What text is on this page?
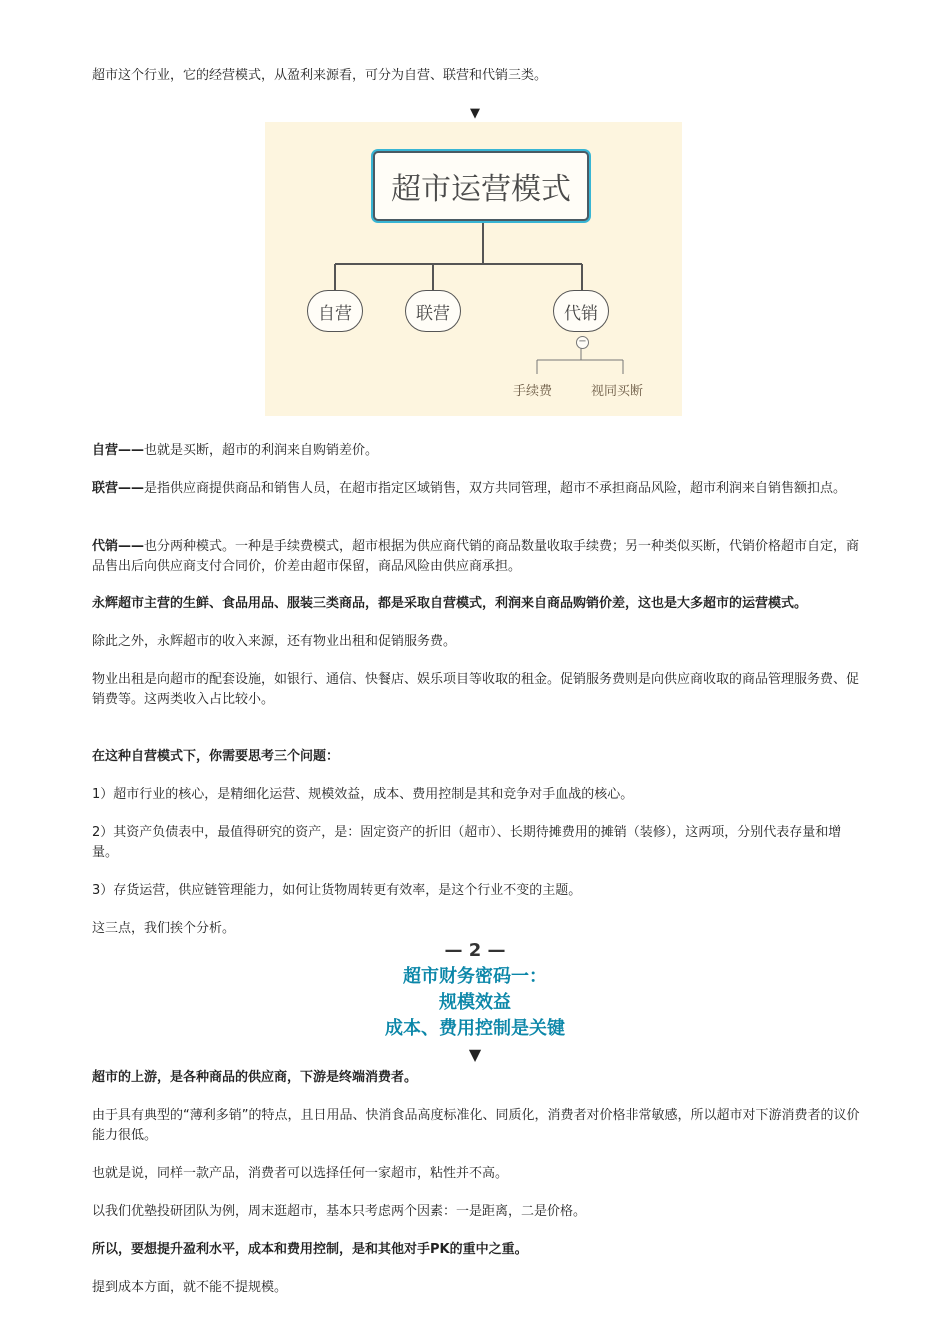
超市这个行业，它的经营模式，从盈利来源看，可分为自营、联营和代销三类。

▼
超市运营模式
自营	联营	代销
−
手续费	视同买断

自营——也就是买断，超市的利润来自购销差价。

联营——是指供应商提供商品和销售人员，在超市指定区域销售，双方共同管理，超市不承担商品风险，超市利润来自销售额扣点。

代销——也分两种模式。一种是手续费模式，超市根据为供应商代销的商品数量收取手续费；另一种类似买断，代销价格超市自定，商品售出后向供应商支付合同价，价差由超市保留，商品风险由供应商承担。

永辉超市主营的生鲜、食品用品、服装三类商品，都是采取自营模式，利润来自商品购销价差，这也是大多超市的运营模式。

除此之外，永辉超市的收入来源，还有物业出租和促销服务费。

物业出租是向超市的配套设施，如银行、通信、快餐店、娱乐项目等收取的租金。促销服务费则是向供应商收取的商品管理服务费、促销费等。这两类收入占比较小。

在这种自营模式下，你需要思考三个问题：

1）超市行业的核心，是精细化运营、规模效益，成本、费用控制是其和竞争对手血战的核心。

2）其资产负债表中，最值得研究的资产，是：固定资产的折旧（超市）、长期待摊费用的摊销（装修），这两项，分别代表存量和增量。

3）存货运营，供应链管理能力，如何让货物周转更有效率，是这个行业不变的主题。

这三点，我们挨个分析。

— 2 —
超市财务密码一：
规模效益
成本、费用控制是关键
▼

超市的上游，是各种商品的供应商，下游是终端消费者。

由于具有典型的“薄利多销”的特点，且日用品、快消食品高度标准化、同质化，消费者对价格非常敏感，所以超市对下游消费者的议价能力很低。

也就是说，同样一款产品，消费者可以选择任何一家超市，粘性并不高。

以我们优塾投研团队为例，周末逛超市，基本只考虑两个因素：一是距离，二是价格。

所以，要想提升盈利水平，成本和费用控制，是和其他对手PK的重中之重。

提到成本方面，就不能不提规模。
